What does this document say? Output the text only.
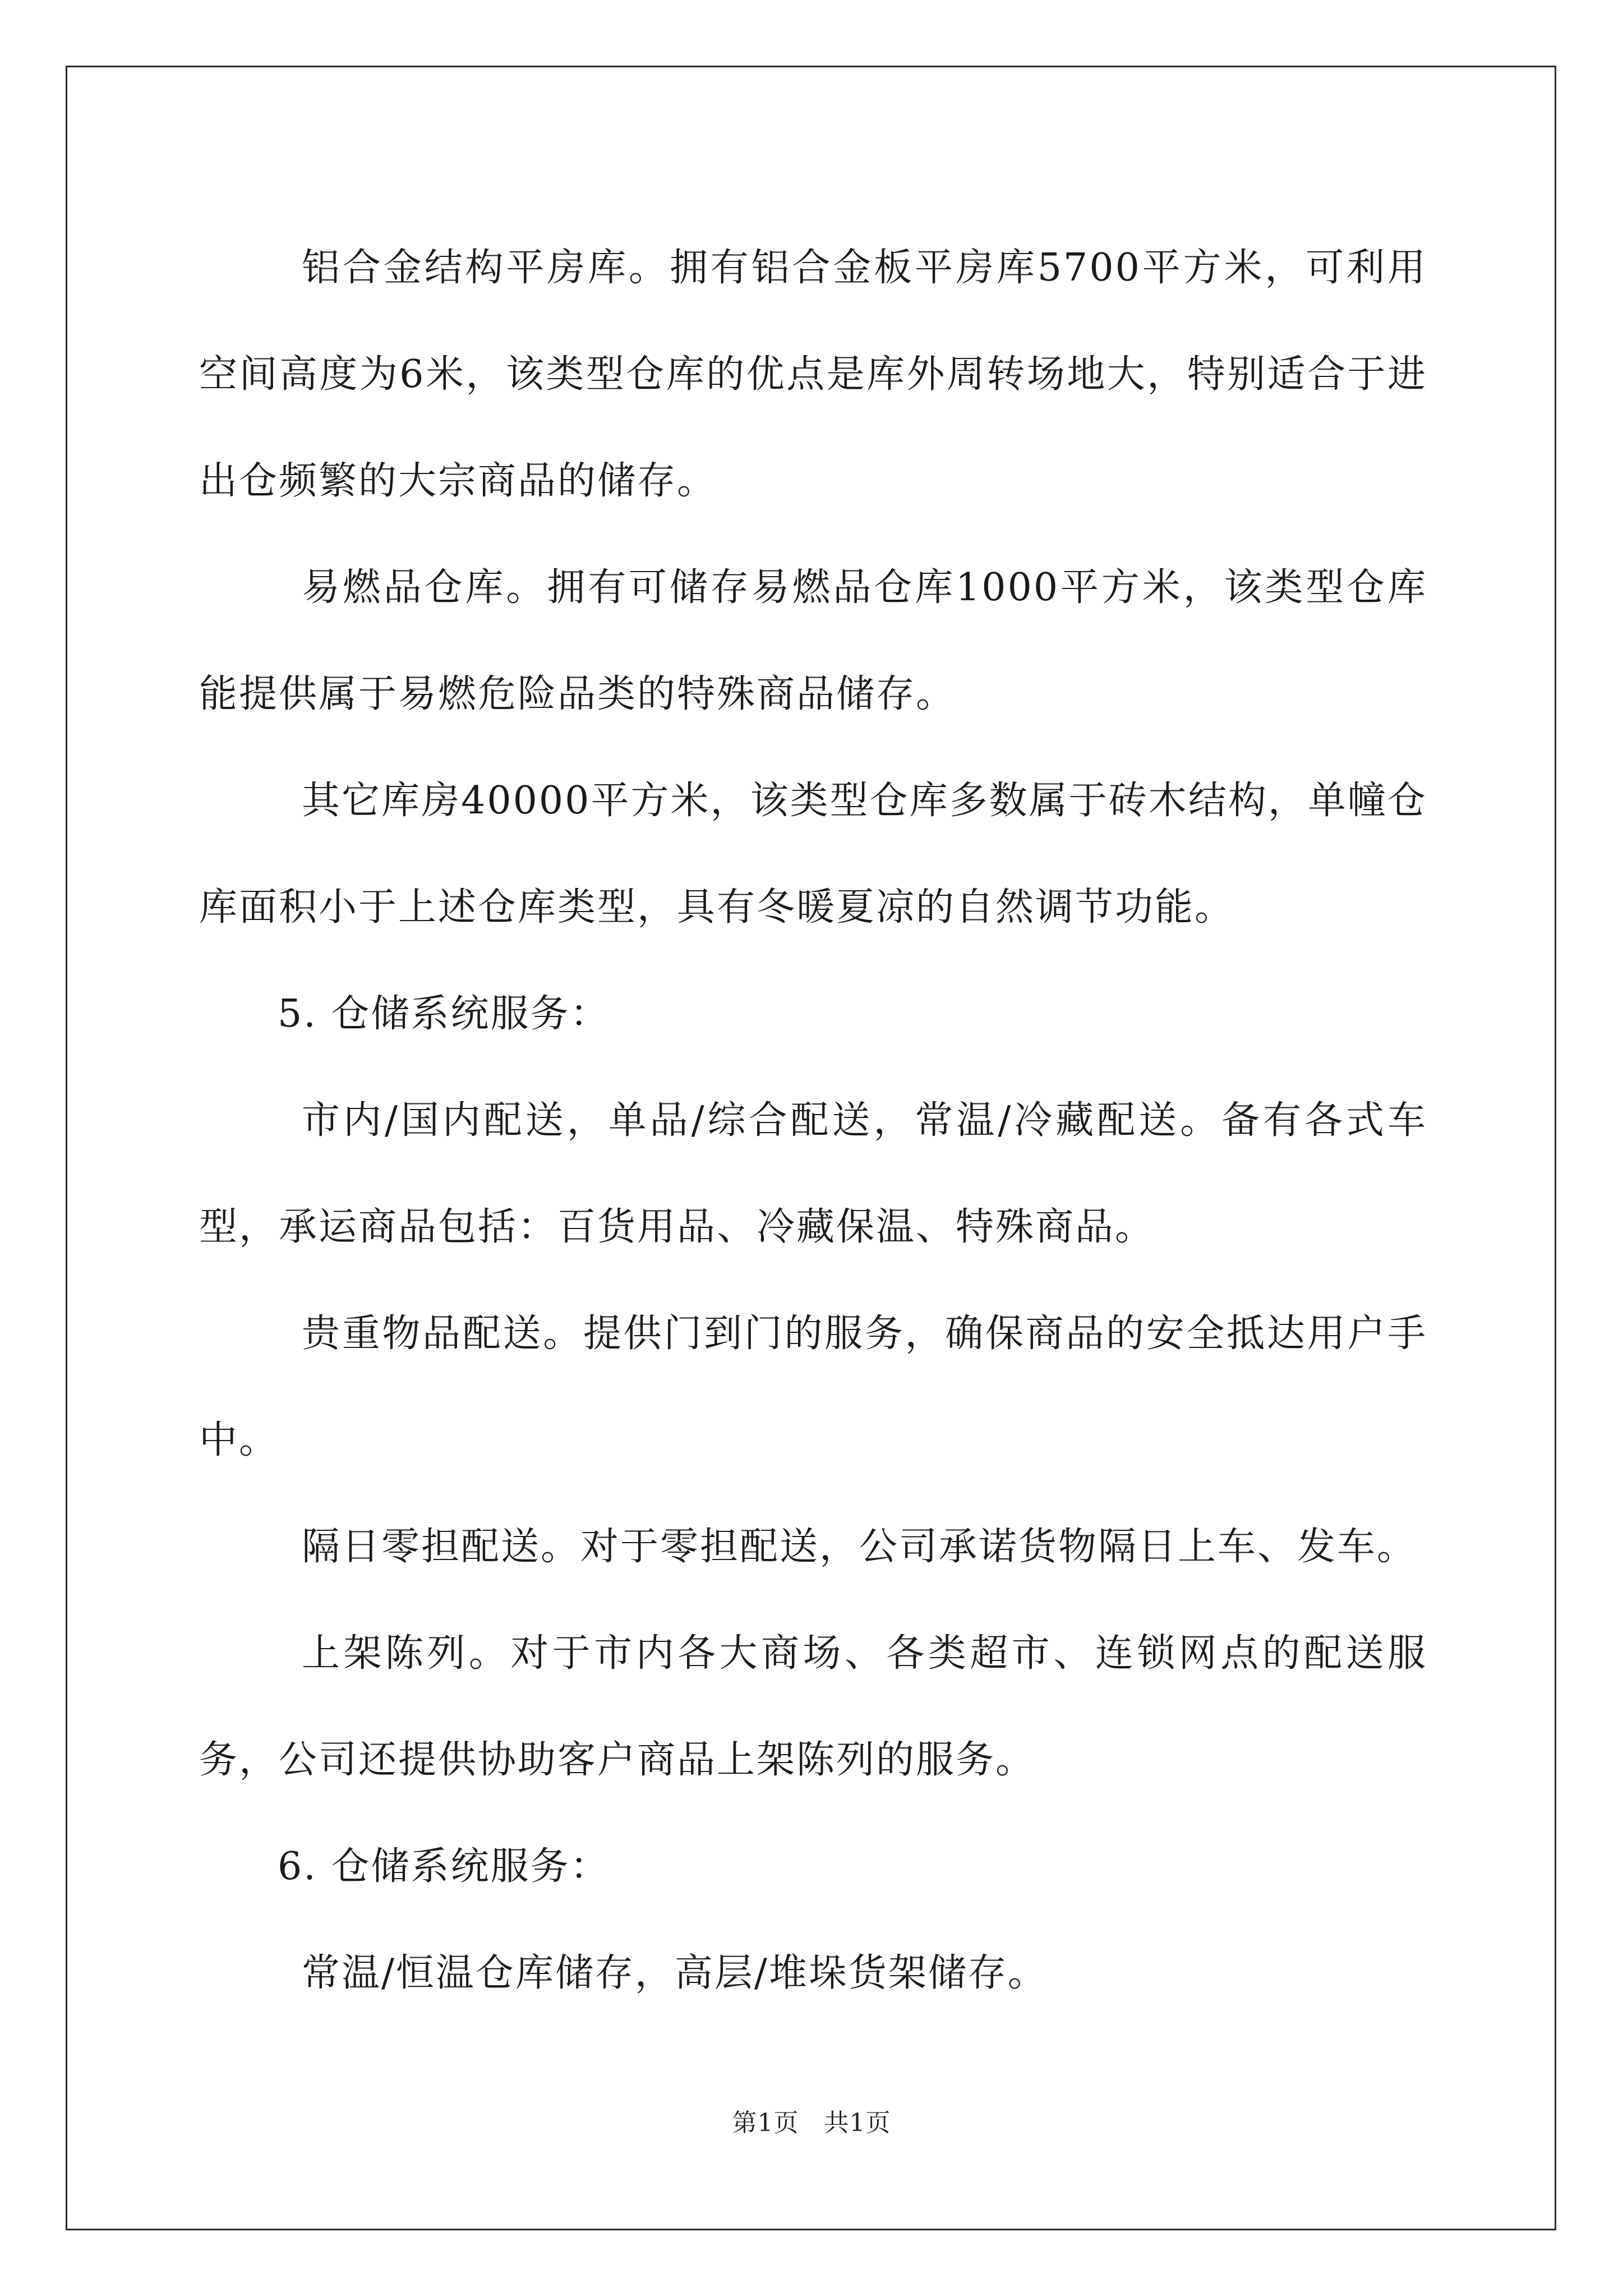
铝合金结构平房库。拥有铝合金板平房库5700平方米，可利用空间高度为6米，该类型仓库的优点是库外周转场地大，特别适合于进出仓频繁的大宗商品的储存。

易燃品仓库。拥有可储存易燃品仓库1000平方米，该类型仓库能提供属于易燃危险品类的特殊商品储存。

其它库房40000平方米，该类型仓库多数属于砖木结构，单幢仓库面积小于上述仓库类型，具有冬暖夏凉的自然调节功能。

5. 仓储系统服务：

市内/国内配送，单品/综合配送，常温/冷藏配送。备有各式车型，承运商品包括：百货用品、冷藏保温、特殊商品。

贵重物品配送。提供门到门的服务，确保商品的安全抵达用户手中。

隔日零担配送。对于零担配送，公司承诺货物隔日上车、发车。

上架陈列。对于市内各大商场、各类超市、连锁网点的配送服务，公司还提供协助客户商品上架陈列的服务。

6. 仓储系统服务：

常温/恒温仓库储存，高层/堆垛货架储存。

第1页　共1页
